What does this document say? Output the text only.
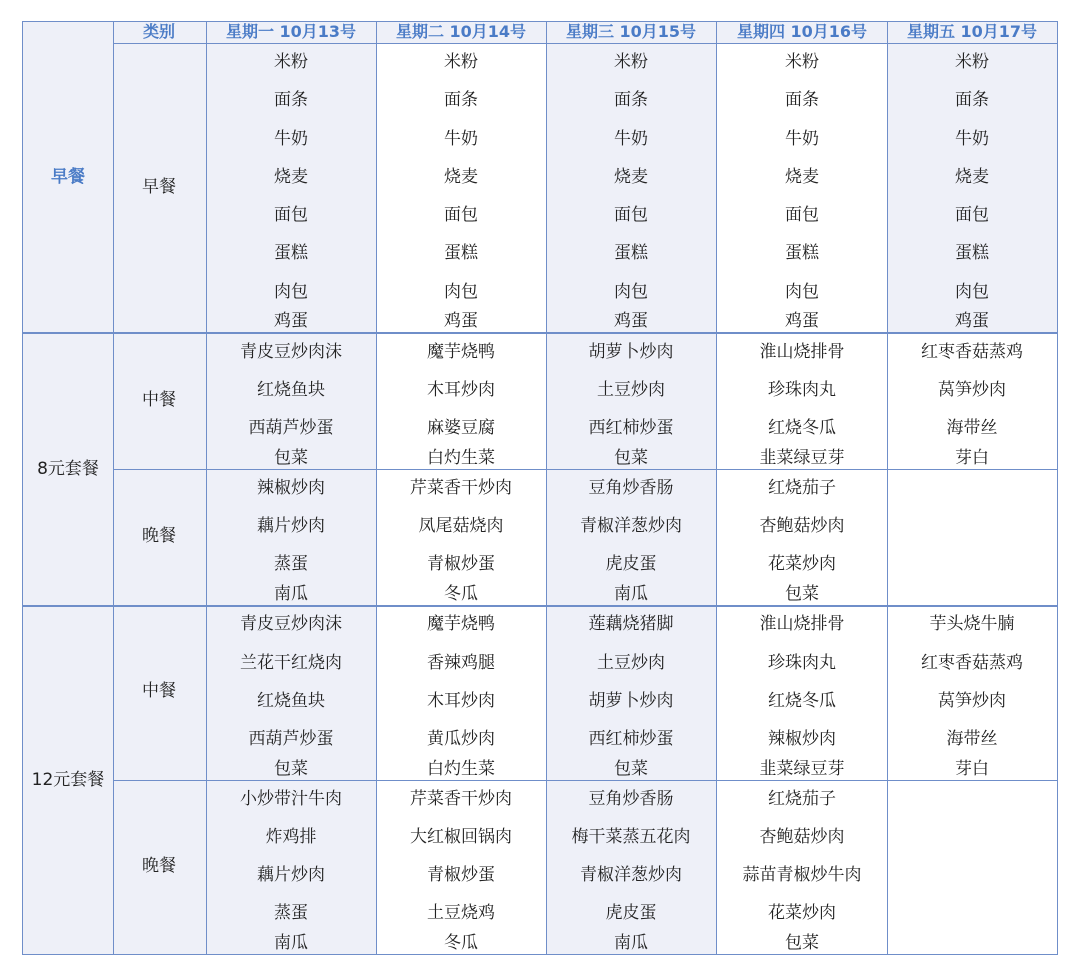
类别	星期一 10月13号 星期二 10月14号 星期三 10月15号	星期四 10月16号 星期五 10月17号
早餐
8元套餐
12元套餐
早餐
中餐
晚餐
中餐
晚餐
米粉
面条
牛奶
烧麦
面包
蛋糕
肉包
鸡蛋
米粉
面条
牛奶
烧麦
面包
蛋糕
肉包
鸡蛋
米粉
面条
牛奶
烧麦
面包
蛋糕
肉包
鸡蛋
米粉
面条
牛奶
烧麦
面包
蛋糕
肉包
鸡蛋
米粉
面条
牛奶
烧麦
面包
蛋糕
肉包
鸡蛋
青皮豆炒肉沫
红烧鱼块
西葫芦炒蛋
包菜
魔芋烧鸭
木耳炒肉
麻婆豆腐
白灼生菜
胡萝卜炒肉
土豆炒肉
西红柿炒蛋
包菜
淮山烧排骨
珍珠肉丸
红烧冬瓜
韭菜绿豆芽
红枣香菇蒸鸡
莴笋炒肉
海带丝
芽白
辣椒炒肉
藕片炒肉
蒸蛋
南瓜
芹菜香干炒肉
凤尾菇烧肉
青椒炒蛋
冬瓜
豆角炒香肠
青椒洋葱炒肉
虎皮蛋
南瓜
红烧茄子
杏鲍菇炒肉
花菜炒肉
包菜
青皮豆炒肉沫
兰花干红烧肉
红烧鱼块
西葫芦炒蛋
包菜
魔芋烧鸭
香辣鸡腿
木耳炒肉
黄瓜炒肉
白灼生菜
莲藕烧猪脚
土豆炒肉
胡萝卜炒肉
西红柿炒蛋
包菜
淮山烧排骨
珍珠肉丸
红烧冬瓜
辣椒炒肉
韭菜绿豆芽
芋头烧牛腩
红枣香菇蒸鸡
莴笋炒肉
海带丝
芽白
小炒带汁牛肉
炸鸡排
藕片炒肉
蒸蛋
南瓜
芹菜香干炒肉
大红椒回锅肉
青椒炒蛋
土豆烧鸡
冬瓜
豆角炒香肠
梅干菜蒸五花肉
青椒洋葱炒肉
虎皮蛋
南瓜
红烧茄子
杏鲍菇炒肉
蒜苗青椒炒牛肉
花菜炒肉
包菜
